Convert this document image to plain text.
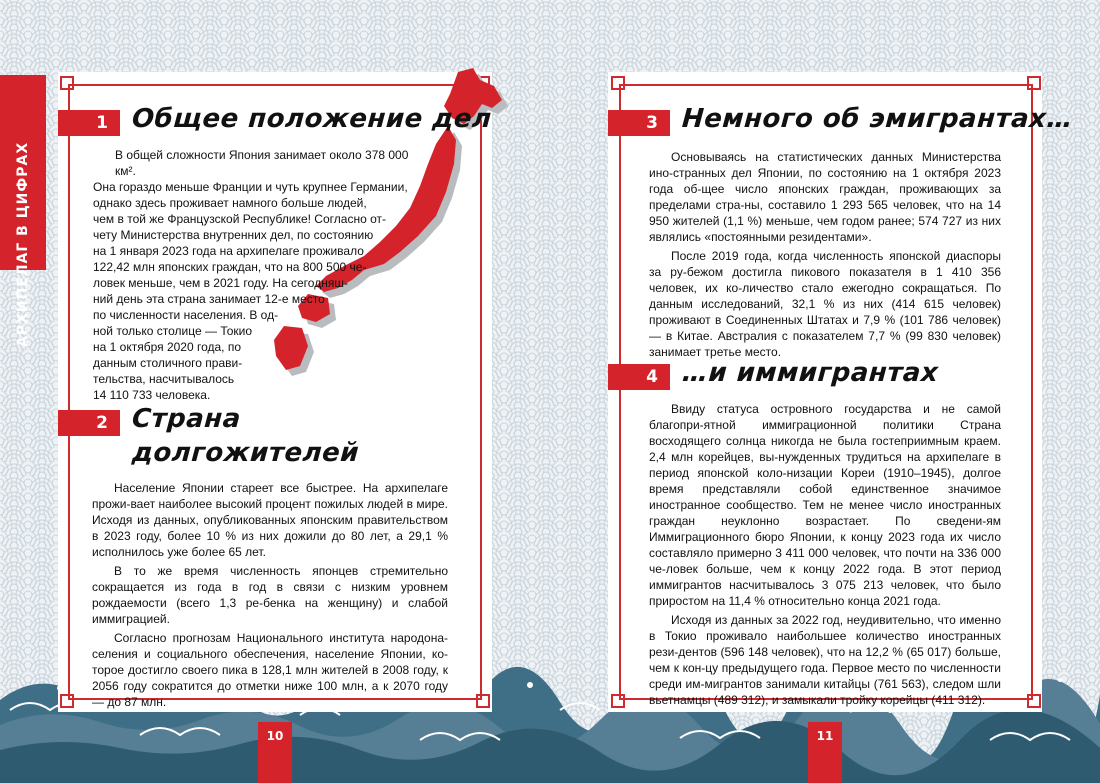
АРХИПЕЛАГ В ЦИФРАХ
1 Общее положение дел
В общей сложности Япония занимает около 378 000 км².
Она гораздо меньше Франции и чуть крупнее Германии,
однако здесь проживает намного больше людей,
чем в той же Французской Республике! Согласно от-
чету Министерства внутренних дел, по состоянию
на 1 января 2023 года на архипелаге проживало
122,42 млн японских граждан, что на 800 500 че-
ловек меньше, чем в 2021 году. На сегодняш-
ний день эта страна занимает 12-е место
по численности населения. В од-
ной только столице — Токио
на 1 октября 2020 года, по
данным столичного прави-
тельства, насчитывалось
14 110 733 человека.
2 Страна
долгожителей

Население Японии стареет все быстрее. На архипелаге прожи-вает наиболее высокий процент пожилых людей в мире. Исходя из данных, опубликованных японским правительством в 2023 году, более 10 % из них дожили до 80 лет, а 29,1 % исполнилось уже более 65 лет.

В то же время численность японцев стремительно сокращается из года в год в связи с низким уровнем рождаемости (всего 1,3 ре-бенка на женщину) и слабой иммиграцией.

Согласно прогнозам Национального института народона-селения и социального обеспечения, население Японии, ко-торое достигло своего пика в 128,1 млн жителей в 2008 году, к 2056 году сократится до отметки ниже 100 млн, а к 2070 году — до 87 млн.

3 Немного об эмигрантах…

Основываясь на статистических данных Министерства ино-странных дел Японии, по состоянию на 1 октября 2023 года об-щее число японских граждан, проживающих за пределами стра-ны, составило 1 293 565 человек, что на 14 950 жителей (1,1 %) меньше, чем годом ранее; 574 727 из них являлись «постоянными резидентами».

После 2019 года, когда численность японской диаспоры за ру-бежом достигла пикового показателя в 1 410 356 человек, их ко-личество стало ежегодно сокращаться. По данным исследований, 32,1 % из них (414 615 человек) проживают в Соединенных Штатах и 7,9 % (101 786 человек) — в Китае. Австралия с показателем 7,7 % (99 830 человек) занимает третье место.

4 …и иммигрантах

Ввиду статуса островного государства и не самой благопри-ятной иммиграционной политики Страна восходящего солнца никогда не была гостеприимным краем. 2,4 млн корейцев, вы-нужденных трудиться на архипелаге в период японской коло-низации Кореи (1910–1945), долгое время представляли собой единственное значимое иностранное сообщество. Тем не менее число иностранных граждан неуклонно возрастает. По сведени-ям Иммиграционного бюро Японии, к концу 2023 года их число составляло примерно 3 411 000 человек, что почти на 336 000 че-ловек больше, чем к концу 2022 года. В этот период иммигрантов насчитывалось 3 075 213 человек, что было приростом на 11,4 % относительно конца 2021 года.

Исходя из данных за 2022 год, неудивительно, что именно в Токио проживало наибольшее количество иностранных рези-дентов (596 148 человек), что на 12,2 % (65 017) больше, чем к кон-цу предыдущего года. Первое место по численности среди им-мигрантов занимали китайцы (761 563), следом шли вьетнамцы (489 312), и замыкали тройку корейцы (411 312).

10	11
